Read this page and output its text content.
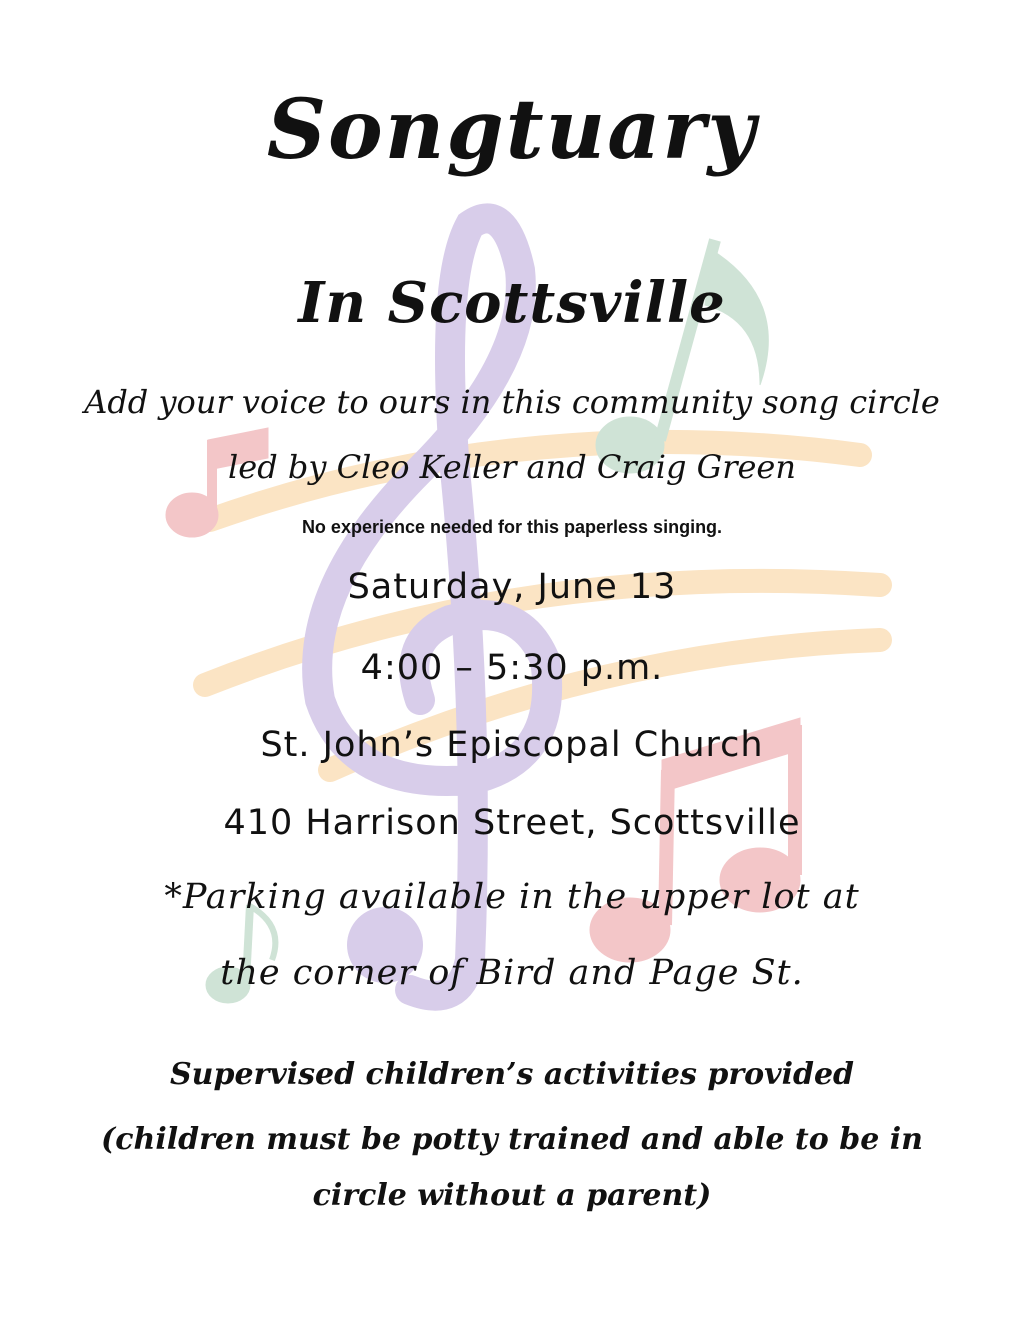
Songtuary
In Scottsville
Add your voice to ours in this community song circle
led by Cleo Keller and Craig Green
No experience needed for this paperless singing.
Saturday, June 13
4:00 – 5:30 p.m.
St. John’s Episcopal Church
410 Harrison Street, Scottsville
*Parking available in the upper lot at
the corner of Bird and Page St.
Supervised children’s activities provided
(children must be potty trained and able to be in
circle without a parent)
